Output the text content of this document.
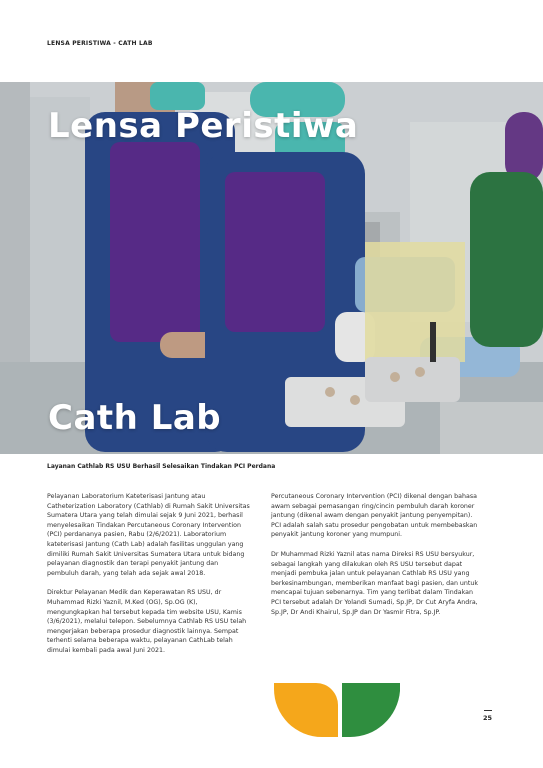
LENSA PERISTIWA - CATH LAB
Lensa Peristiwa
Cath Lab
Layanan Cathlab RS USU Berhasil Selesaikan Tindakan PCI Perdana

Pelayanan Laboratorium Kateterisasi Jantung atau Catheterization Laboratory (Cathlab) di Rumah Sakit Universitas Sumatera Utara yang telah dimulai sejak 9 Juni 2021, berhasil menyelesaikan Tindakan Percutaneous Coronary Intervention (PCI) perdananya pasien, Rabu (2/6/2021). Laboratorium kateterisasi Jantung (Cath Lab) adalah fasilitas unggulan yang dimiliki Rumah Sakit Universitas Sumatera Utara untuk bidang pelayanan diagnostik dan terapi penyakit jantung dan pembuluh darah, yang telah ada sejak awal 2018.

Direktur Pelayanan Medik dan Keperawatan RS USU, dr Muhammad Rizki Yaznil, M.Ked (OG), Sp.OG (K), mengungkapkan hal tersebut kepada tim website USU, Kamis (3/6/2021), melalui telepon. Sebelumnya Cathlab RS USU telah mengerjakan beberapa prosedur diagnostik lainnya. Sempat terhenti selama beberapa waktu, pelayanan CathLab telah dimulai kembali pada awal Juni 2021.

Percutaneous Coronary Intervention (PCI) dikenal dengan bahasa awam sebagai pemasangan ring/cincin pembuluh darah koroner jantung (dikenal awam dengan penyakit jantung penyempitan). PCI adalah salah satu prosedur pengobatan untuk membebaskan penyakit jantung koroner yang mumpuni.

Dr Muhammad Rizki Yaznil atas nama Direksi RS USU bersyukur, sebagai langkah yang dilakukan oleh RS USU tersebut dapat menjadi pembuka jalan untuk pelayanan Cathlab RS USU yang berkesinambungan, memberikan manfaat bagi pasien, dan untuk mencapai tujuan sebenarnya. Tim yang terlibat dalam Tindakan PCI tersebut adalah Dr Yolandi Sumadi, Sp.JP, Dr Cut Aryfa Andra, Sp.JP, Dr Andi Khairul, Sp.JP dan Dr Yasmir Fitra, Sp.JP.

25
